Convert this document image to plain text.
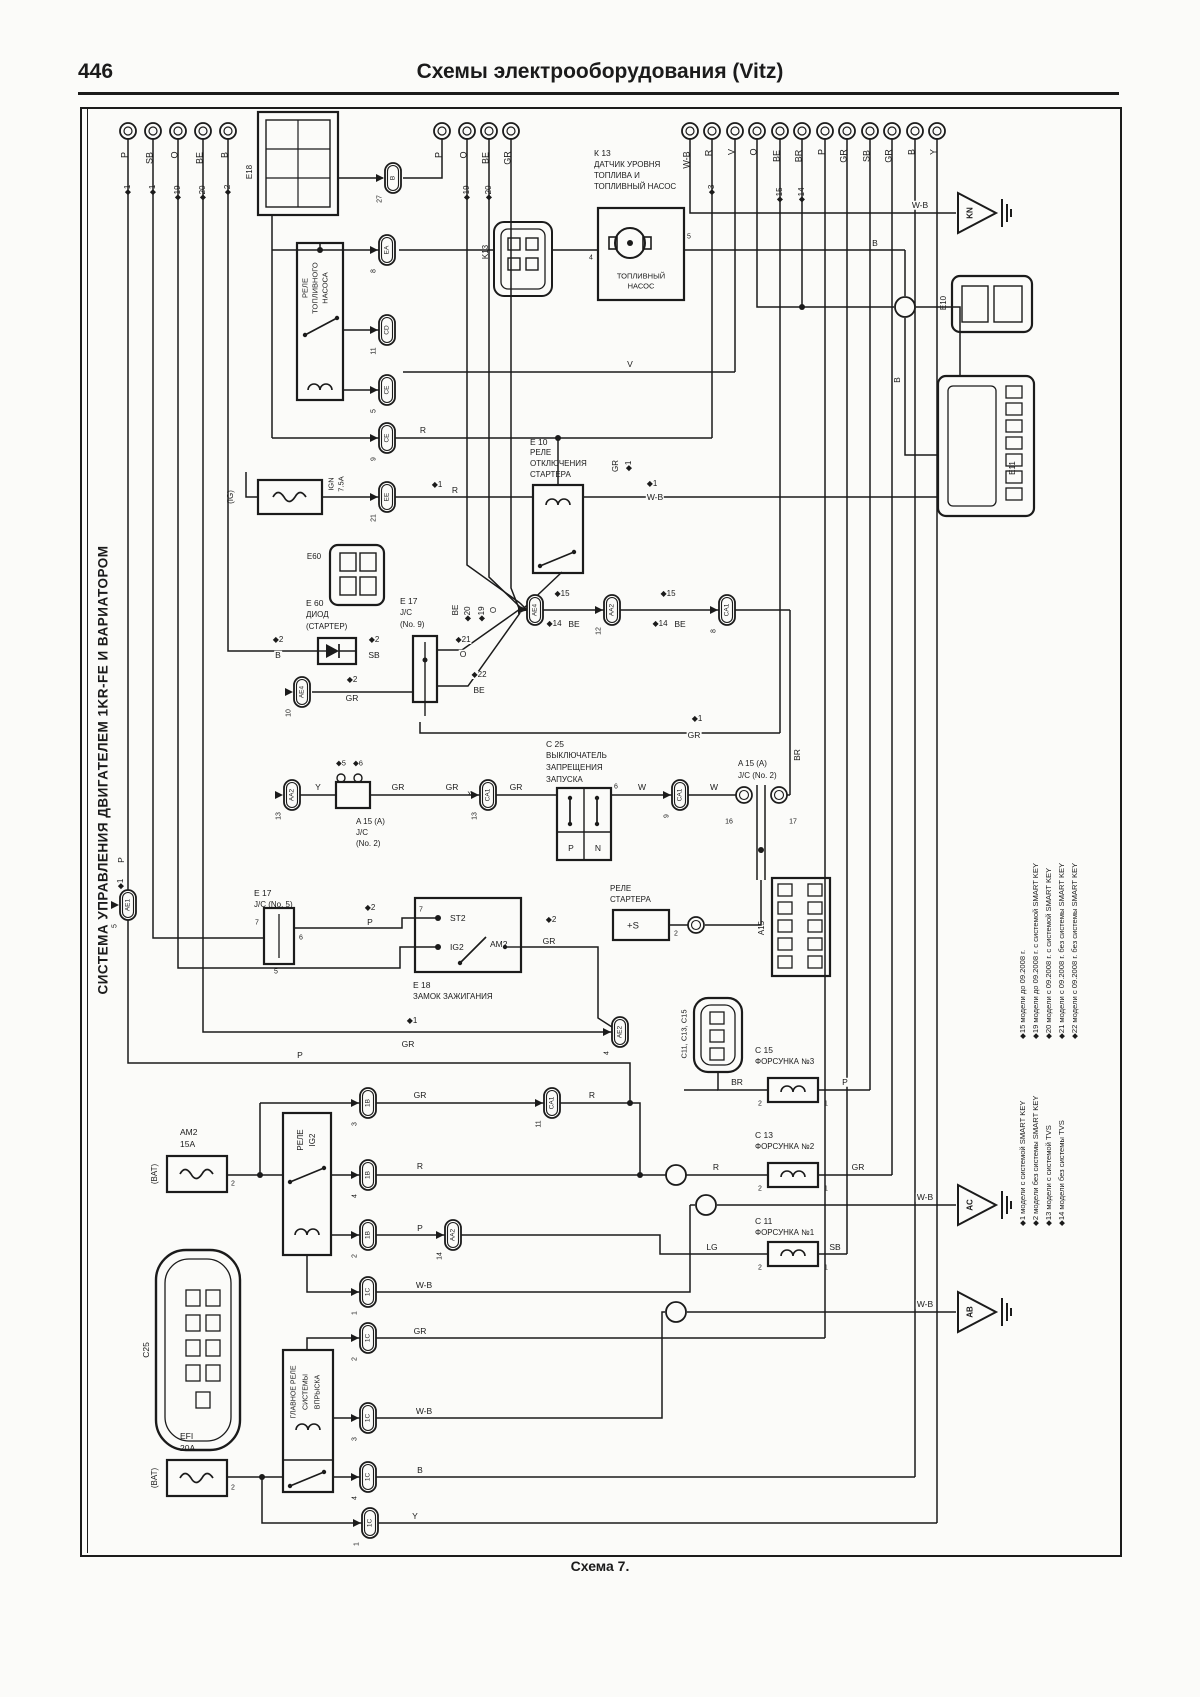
446	Схемы электрооборудования (Vitz)
B
27
EA
8
CD
11
CE
5
CE
9
EE
21
AE4	AA2
12
CA1
8
AE4
10
AA2
13
CA1
13
CA1
9
AE1
5
AE2
4
CA1
11
1B
3
1B
4
1B
2
AA2
14
1C
1
1C
2
1C
3
1C
4
1C
1
KN
AC
AB
СИСТЕМА УПРАВЛЕНИЯ ДВИГАТЕЛЕМ 1KR-FE И ВАРИАТОРОМ
Схема 7.
◆15 модели до 09.2008 г. ◆19 модели до 09.2008 г. с системой SMART KEY ◆20 модели с 09.2008 г. с системой SMART KEY ◆21 модели с 09.2008 г. без системы SMART KEY ◆22 модели с 09.2008 г. без системы SMART KEY
◆1 модели с системой SMART KEY ◆2 модели без системы SMART KEY ◆13 модели с системой TVS ◆14 модели без системы TVS
P SB O BE B
◆1 ◆1 ◆19 ◆20 ◆2
E18
P O BE GR
◆19 ◆20
W-B R V O BE BR P GR SB GR B Y
◆3	◆15 ◆14
К 13
ДАТЧИК УРОВНЯ
ТОПЛИВА И
ТОПЛИВНЫЙ НАСОС
ТОПЛИВНЫЙ
НАСОС
4
5
K13
B
B
РЕЛЕ ТОПЛИВНОГО НАСОСА
(IG)
IGN 7.5A
Е 10
РЕЛЕ
ОТКЛЮЧЕНИЯ
СТАРТЕРА
◆1
R
R
◆1
W-B
GR ◆1
V
BE ◆20 ◆19 O
Е 60
ДИОД
(СТАРТЕР)
◆2
B
◆2
SB
E60
Е 17
J/C
(No. 9)
◆21
O
◆22
BE
◆2
GR
◆15
◆14 BE
◆15
◆14 BE
◆1
GR
С 25
ВЫКЛЮЧАТЕЛЬ
ЗАПРЕЩЕНИЯ
ЗАПУСКА
P N
GR
»
GR	6 W	W
Y
◆5 ◆6
GR
A 15 (A)
J/C
(No. 2)
A 15 (A)
J/C (No. 2)
16	17
BR
РЕЛЕ
СТАРТЕРА
+S
2
◆2
P
7
ST2
IG2	AM2
◆2
GR
Е 18
ЗАМОК ЗАЖИГАНИЯ
Е 17
J/C (No. 5)
7
6
5
P
◆1
◆1
GR	C11, C13, C15
P
GR	R
R	R	GR
С 15
ФОРСУНКА №3
BR	P
С 13
ФОРСУНКА №2
С 11
ФОРСУНКА №1
LG	SB
2	1
2	1
2	1
A15
AM2
15A
(BAT)	2
РЕЛЕ IG2
P
W-B
GR
W-B
B
Y
W-B
W-B
W-B
ГЛАВНОЕ РЕЛЕ СИСТЕМЫ ВПРЫСКА
EFI
20A
(BAT)	2
C25
E10
E11
